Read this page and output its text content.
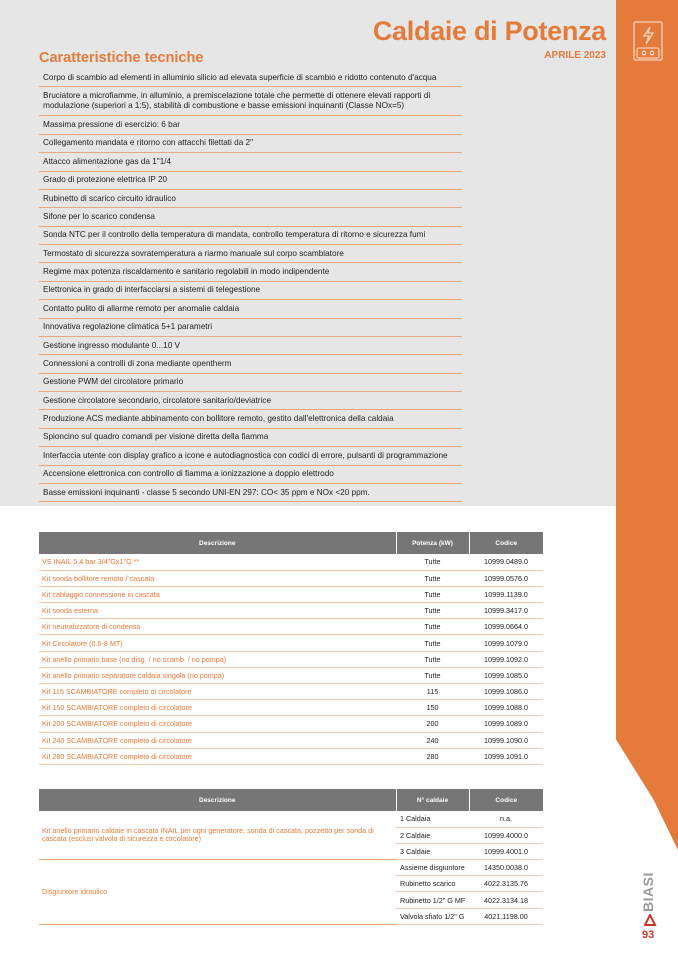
Caldaie di Potenza
APRILE 2023
Caratteristiche tecniche
Corpo di scambio ad elementi in alluminio silicio ad elevata superficie di scambio e ridotto contenuto d'acqua
Bruciatore a microfiamme, in alluminio, a premiscelazione totale che permette di ottenere elevati rapporti di modulazione (superiori a 1:5), stabilità di combustione e basse emissioni inquinanti (Classe NOx=5)
Massima pressione di esercizio: 6 bar
Collegamento mandata e ritorno con attacchi filettati da 2"
Attacco alimentazione gas da 1"1/4
Grado di protezione elettrica IP 20
Rubinetto di scarico circuito idraulico
Sifone per lo scarico condensa
Sonda NTC per il controllo della temperatura di mandata, controllo temperatura di ritorno e sicurezza fumi
Termostato di sicurezza sovratemperatura a riarmo manuale sul corpo scambiatore
Regime max potenza riscaldamento e sanitario regolabili in modo indipendente
Elettronica in grado di interfacciarsi a sistemi di telegestione
Contatto pulito di allarme remoto per anomalie caldaia
Innovativa regolazione climatica 5+1 parametri
Gestione ingresso modulante 0...10 V
Connessioni a controlli di zona mediante opentherm
Gestione PWM del circolatore primario
Gestione circolatore secondario, circolatore sanitario/deviatrice
Produzione ACS mediante abbinamento con bollitore remoto, gestito dall'elettronica della caldaia
Spioncino sul quadro comandi per visione diretta della fiamma
Interfaccia utente con display grafico a icone e autodiagnostica con codici di errore, pulsanti di programmazione
Accensione elettronica con controllo di fiamma a ionizzazione a doppio elettrodo
Basse emissioni inquinanti - classe 5 secondo UNI-EN 297: CO< 35 ppm e NOx <20 ppm.
Descrizione	Potenza (kW)	Codice
VS INAIL 5.4 bar 3/4"Gx1"G **	Tutte	10999.0489.0
Kit sonda bollitore remoto / cascata	Tutte	10999.0576.0
Kit cablaggio connessione in cascata	Tutte	10999.1139.0
Kit sonda esterna	Tutte	10999.3417.0
Kit neutralizzatore di condensa	Tutte	10999.0664.0
Kit Circolatore (0.5-8 MT)	Tutte	10999.1079.0
Kit anello primario base (no disg. / no scamb. / no pompa)	Tutte	10999.1092.0
Kit anello primario separatore caldaia singola (no pompa)	Tutte	10999.1085.0
Kit 115 SCAMBIATORE completo di circolatore	115	10999.1086.0
Kit 150 SCAMBIATORE completo di circolatore	150	10999.1088.0
Kit 200 SCAMBIATORE completo di circolatore	200	10999.1089.0
Kit 240 SCAMBIATORE completo di circolatore	240	10999.1090.0
Kit 280 SCAMBIATORE completo di circolatore	280	10999.1091.0
Descrizione	N° caldaie	Codice
Kit anello primario caldaie in cascata INAIL per ogni generatore, sonda di cascata, pozzetto per sonda di cascata (esclusi valvola di sicurezza e circolatore)	1 Caldaia	n.a.
	2 Caldaie	10999.4000.0
	3 Caldaie	10999.4001.0
Disgiuntore idraulico	Assieme disgiuntore	14350.0038.0
	Rubinetto scarico	4022.3135.76
	Rubinetto 1/2" G MF	4022.3134.18
	Valvola sfiato 1/2" G	4021.1198.00
BIASI
93
